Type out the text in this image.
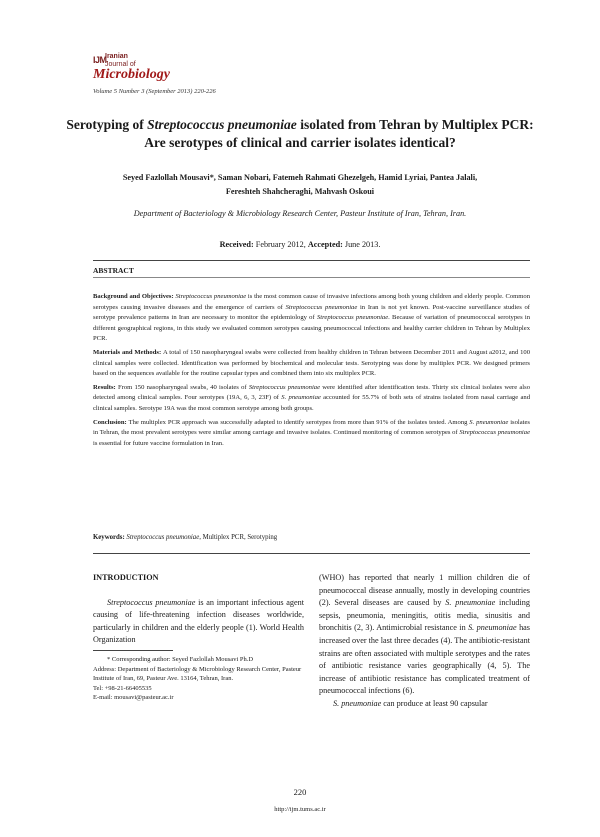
IJM
Iranian
Journal of
Microbiology
Volume 5 Number 3 (September 2013) 220-226
Serotyping of Streptococcus pneumoniae isolated from Tehran by Multiplex PCR: Are serotypes of clinical and carrier isolates identical?
Seyed Fazlollah Mousavi*, Saman Nobari, Fatemeh Rahmati Ghezelgeh, Hamid Lyriai, Pantea Jalali,
Fereshteh Shahcheraghi, Mahvash Oskoui
Department of Bacteriology & Microbiology Research Center, Pasteur Institute of Iran, Tehran, Iran.
Received: February 2012, Accepted: June 2013.
ABSTRACT

Background and Objectives: Streptococcus pneumoniae is the most common cause of invasive infections among both young children and elderly people. Common serotypes causing invasive diseases and the emergence of carriers of Streptococcus pneumoniae in Iran is not yet known. Post-vaccine surveillance studies of serotype prevalence patterns in Iran are necessary to monitor the epidemiology of Streptococcus pneumoniae. Because of variation of pneumococcal serotypes in different geographical regions, in this study we evaluated common serotypes causing pneumococcal infections and healthy carrier children in Tehran by Multiplex PCR.

Materials and Methods: A total of 150 nasopharyngeal swabs were collected from healthy children in Tehran between December 2011 and August a2012, and 100 clinical samples were collected. Identification was performed by biochemical and molecular tests. Serotyping was done by multiplex PCR. We designed primers based on the sequences available for the routine capsular types and combined them into six multiplex PCR.

Results: From 150 nasopharyngeal swabs, 40 isolates of Streptococcus pneumoniae were identified after identification tests. Thirty six clinical isolates were also detected among clinical samples. Four serotypes (19A, 6, 3, 23F) of S. pneumoniae accounted for 55.7% of both sets of strains isolated from nasal carriage and clinical samples. Serotype 19A was the most common serotype among both groups.

Conclusion: The multiplex PCR approach was successfully adapted to identify serotypes from more than 91% of the isolates tested. Among S. pneumoniae isolates in Tehran, the most prevalent serotypes were similar among carriage and invasive isolates. Continued monitoring of common serotypes of Streptococcus pneumoniae is essential for future vaccine formulation in Iran.

Keywords: Streptococcus pneumoniae, Multiplex PCR, Serotyping

INTRODUCTION

Streptococcus pneumoniae is an important infectious agent causing of life-threatening infection diseases worldwide, particularly in children and the elderly people (1). World Health Organization

* Corresponding author: Seyed Fazlollah Mousavi Ph.D

Address: Department of Bacteriology & Microbiology Research Center, Pasteur Institute of Iran, 69, Pasteur Ave. 13164, Tehran, Iran.

Tel: +98-21-66405535

E-mail: mousavi@pasteur.ac.ir

(WHO) has reported that nearly 1 million children die of pneumococcal disease annually, mostly in developing countries (2). Several diseases are caused by S. pneumoniae including sepsis, pneumonia, meningitis, otitis media, sinusitis and bronchitis (2, 3). Antimicrobial resistance in S. pneumoniae has increased over the last three decades (4). The antibiotic-resistant strains are often associated with multiple serotypes and the rates of antibiotic resistance varies geographically (4, 5). The increase of antibiotic resistance has complicated treatment of pneumococcal infections (6).

S. pneumoniae can produce at least 90 capsular

220
http://ijm.tums.ac.ir
